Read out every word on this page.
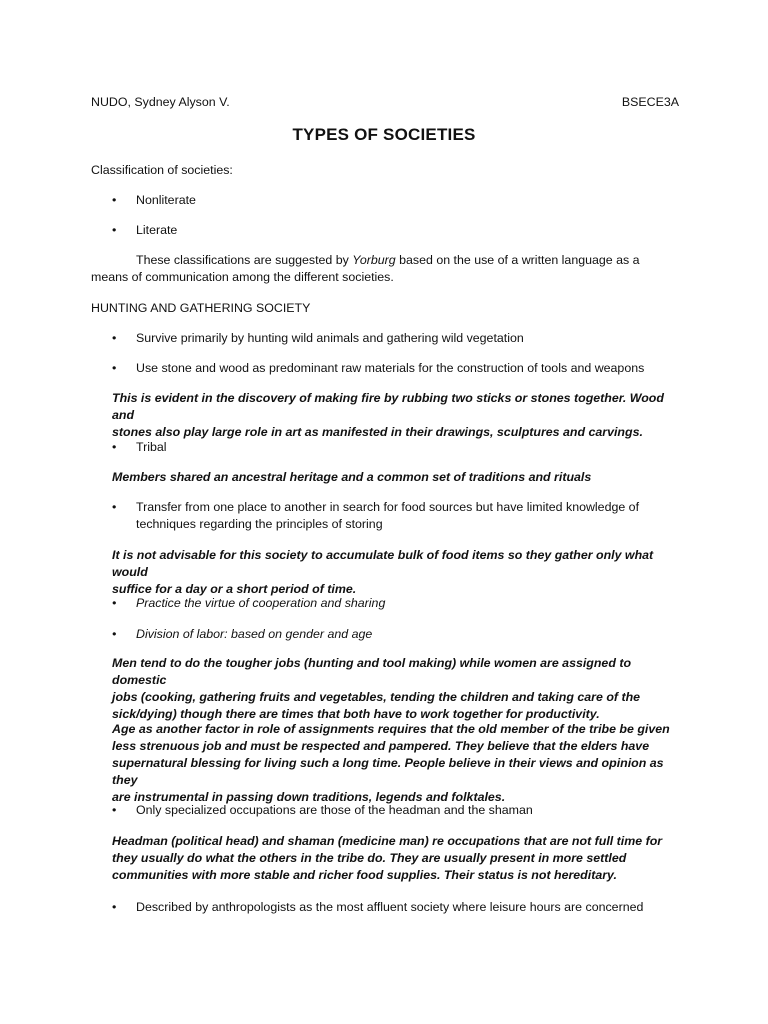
NUDO, Sydney Alyson V.	BSECE3A
TYPES OF SOCIETIES
Classification of societies:
•	Nonliterate
•	Literate
These classifications are suggested by Yorburg based on the use of a written language as a
means of communication among the different societies.
HUNTING AND GATHERING SOCIETY
•	Survive primarily by hunting wild animals and gathering wild vegetation
•	Use stone and wood as predominant raw materials for the construction of tools and weapons
This is evident in the discovery of making fire by rubbing two sticks or stones together. Wood and
stones also play large role in art as manifested in their drawings, sculptures and carvings.
•	Tribal
Members shared an ancestral heritage and a common set of traditions and rituals
•	Transfer from one place to another in search for food sources but have limited knowledge of
techniques regarding the principles of storing
It is not advisable for this society to accumulate bulk of food items so they gather only what would
suffice for a day or a short period of time.
•	Practice the virtue of cooperation and sharing
•	Division of labor: based on gender and age
Men tend to do the tougher jobs (hunting and tool making) while women are assigned to domestic
jobs (cooking, gathering fruits and vegetables, tending the children and taking care of the
sick/dying) though there are times that both have to work together for productivity.
Age as another factor in role of assignments requires that the old member of the tribe be given
less strenuous job and must be respected and pampered. They believe that the elders have
supernatural blessing for living such a long time. People believe in their views and opinion as they
are instrumental in passing down traditions, legends and folktales.
•	Only specialized occupations are those of the headman and the shaman
Headman (political head) and shaman (medicine man) re occupations that are not full time for
they usually do what the others in the tribe do. They are usually present in more settled
communities with more stable and richer food supplies. Their status is not hereditary.
•	Described by anthropologists as the most affluent society where leisure hours are concerned
